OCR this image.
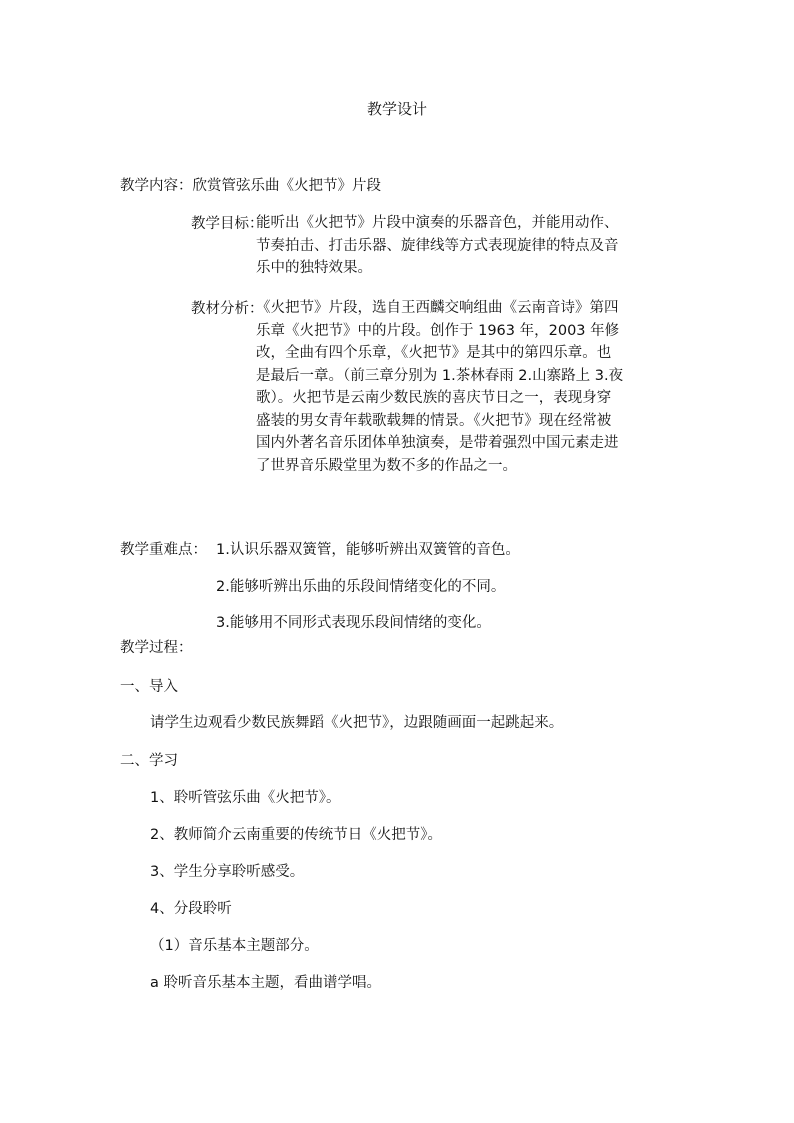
教学设计
教学内容：欣赏管弦乐曲《火把节》片段
教学目标：
能听出《火把节》片段中演奏的乐器音色，并能用动作、
节奏拍击、打击乐器、旋律线等方式表现旋律的特点及音
乐中的独特效果。
教材分析：
《火把节》片段，选自王西麟交响组曲《云南音诗》第四
乐章《火把节》中的片段。创作于 1963 年，2003 年修
改，全曲有四个乐章，《火把节》是其中的第四乐章。也
是最后一章。（前三章分别为 1.茶林春雨 2.山寨路上 3.夜
歌）。火把节是云南少数民族的喜庆节日之一，表现身穿
盛装的男女青年载歌载舞的情景。《火把节》现在经常被
国内外著名音乐团体单独演奏，是带着强烈中国元素走进
了世界音乐殿堂里为数不多的作品之一。
教学重难点： 1.认识乐器双簧管，能够听辨出双簧管的音色。
2.能够听辨出乐曲的乐段间情绪变化的不同。
3.能够用不同形式表现乐段间情绪的变化。
教学过程：
一、导入
请学生边观看少数民族舞蹈《火把节》，边跟随画面一起跳起来。
二、学习
1、聆听管弦乐曲《火把节》。
2、教师简介云南重要的传统节日《火把节》。
3、学生分享聆听感受。
4、分段聆听
（1）音乐基本主题部分。
a 聆听音乐基本主题，看曲谱学唱。
